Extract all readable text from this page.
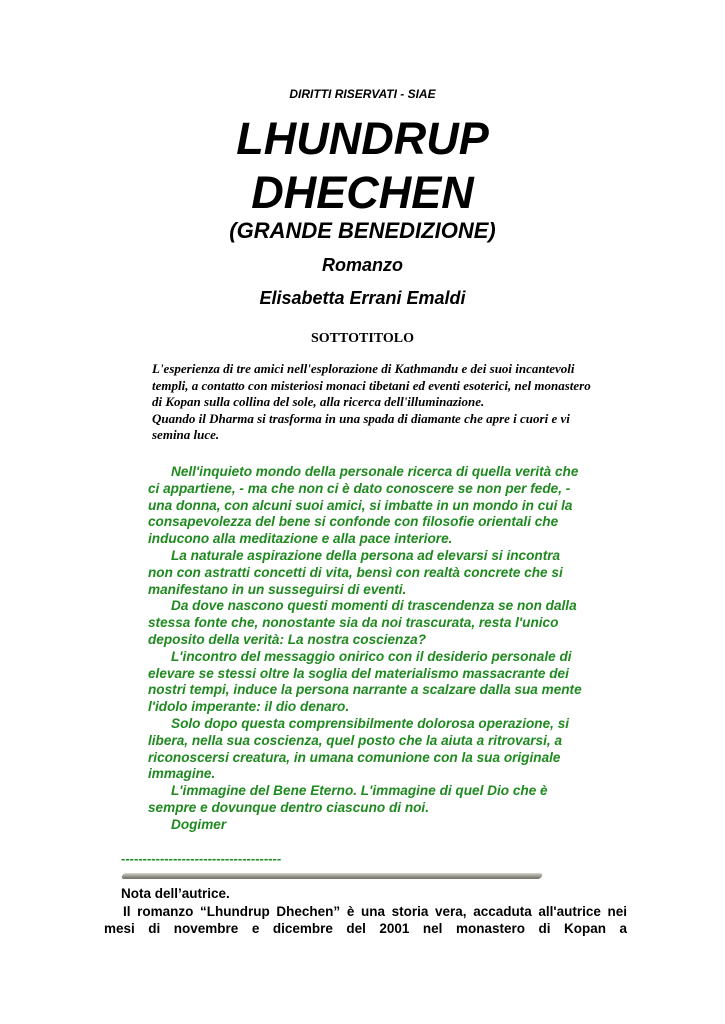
DIRITTI RISERVATI - SIAE
LHUNDRUP
DHECHEN
(GRANDE BENEDIZIONE)
Romanzo
Elisabetta Errani Emaldi
SOTTOTITOLO

L'esperienza di tre amici nell'esplorazione di Kathmandu e dei suoi incantevoli templi, a contatto con misteriosi monaci tibetani ed eventi esoterici, nel monastero di Kopan sulla collina del sole, alla ricerca dell'illuminazione.

Quando il Dharma si trasforma in una spada di diamante che apre i cuori e vi semina luce.

Nell'inquieto mondo della personale ricerca di quella verità che ci appartiene, - ma che non ci è dato conoscere se non per fede, - una donna, con alcuni suoi amici, si imbatte in un mondo in cui la consapevolezza del bene si confonde con filosofie orientali che inducono alla meditazione e alla pace interiore.

La naturale aspirazione della persona ad elevarsi si incontra non con astratti concetti di vita, bensì con realtà concrete che si manifestano in un susseguirsi di eventi.

Da dove nascono questi momenti di trascendenza se non dalla stessa fonte che, nonostante sia da noi trascurata, resta l'unico deposito della verità: La nostra coscienza?

L'incontro del messaggio onirico con il desiderio personale di elevare se stessi oltre la soglia del materialismo massacrante dei nostri tempi, induce la persona narrante a scalzare dalla sua mente l'idolo imperante: il dio denaro.

Solo dopo questa comprensibilmente dolorosa operazione, si libera, nella sua coscienza, quel posto che la aiuta a ritrovarsi, a riconoscersi creatura, in umana comunione con la sua originale immagine.

L'immagine del Bene Eterno. L'immagine di quel Dio che è sempre e dovunque dentro ciascuno di noi.

Dogimer

-------------------------------------
Nota dell’autrice.
Il romanzo “Lhundrup Dhechen” è una storia vera, accaduta all'autrice nei mesi di novembre e dicembre del 2001 nel monastero di Kopan a
